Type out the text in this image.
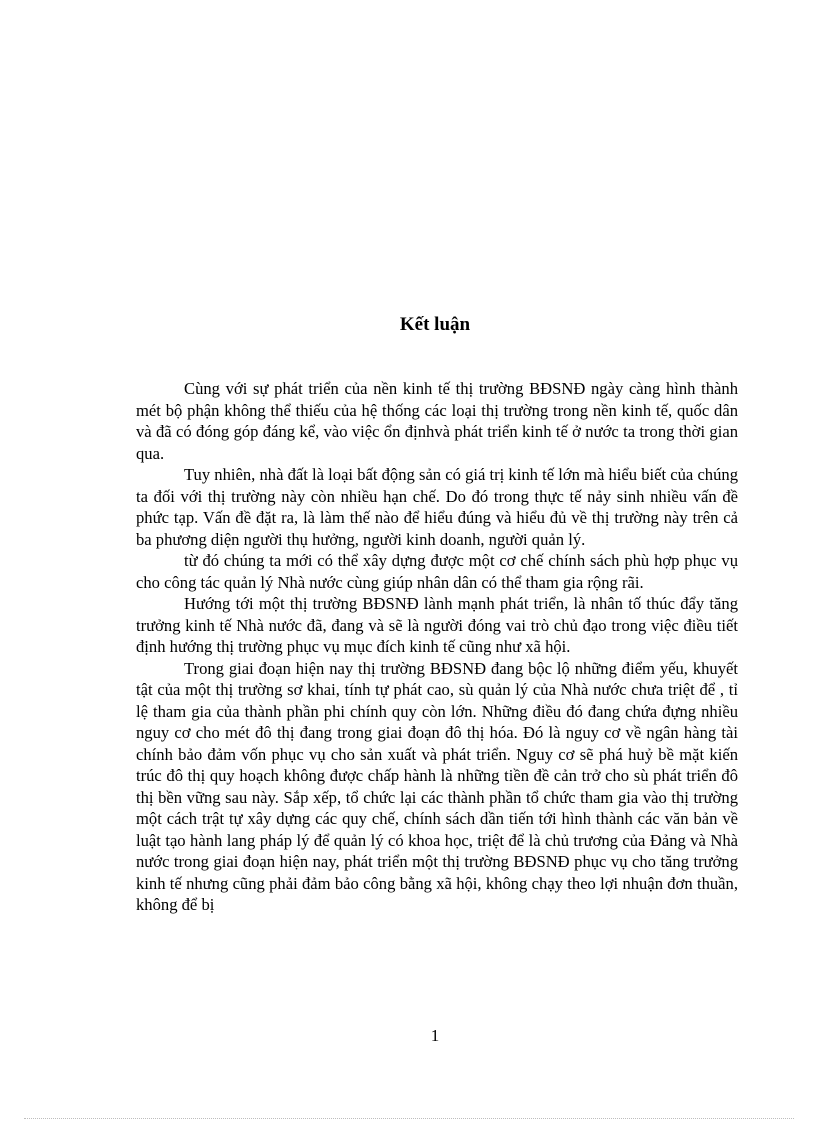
Kết luận

Cùng với sự phát triển của nền kinh tế thị trường BĐSNĐ ngày càng hình thành mét bộ phận không thể thiếu của hệ thống các loại thị trường trong nền kinh tế, quốc dân và đã có đóng góp đáng kể, vào việc ổn địnhvà phát triển kinh tế ở nước ta trong thời gian qua.

Tuy nhiên, nhà đất là loại bất động sản có giá trị kinh tế lớn mà hiểu biết của chúng ta đối với thị trường này còn nhiều hạn chế. Do đó trong thực tế nảy sinh nhiều vấn đề phức tạp. Vấn đề đặt ra, là làm thế nào để hiểu đúng và hiểu đủ về thị trường này trên cả ba phương diện người thụ hưởng, người kinh doanh, người quản lý.

từ đó chúng ta mới có thể xây dựng được một cơ chế chính sách phù hợp phục vụ cho công tác quản lý Nhà nước cùng giúp nhân dân có thể tham gia rộng rãi.

Hướng tới một thị trường BĐSNĐ lành mạnh phát triển, là nhân tố thúc đẩy tăng trưởng kinh tế Nhà nước đã, đang và sẽ là người đóng vai trò chủ đạo trong việc điều tiết định hướng thị trường phục vụ mục đích kinh tế cũng như xã hội.

Trong giai đoạn hiện nay thị trường BĐSNĐ đang bộc lộ những điểm yếu, khuyết tật của một thị trường sơ khai, tính tự phát cao, sù quản lý của Nhà nước chưa triệt để , tỉ lệ tham gia của thành phần phi chính quy còn lớn. Những điều đó đang chứa đựng nhiều nguy cơ cho mét đô thị đang trong giai đoạn đô thị hóa. Đó là nguy cơ về ngân hàng tài chính bảo đảm vốn phục vụ cho sản xuất và phát triển. Nguy cơ sẽ phá huỷ bề mặt kiến trúc đô thị quy hoạch không được chấp hành là những tiền đề cản trở cho sù phát triển đô thị bền vững sau này. Sắp xếp, tổ chức lại các thành phần tổ chức tham gia vào thị trường một cách trật tự xây dựng các quy chế, chính sách dần tiến tới hình thành các văn bản về luật tạo hành lang pháp lý để quản lý có khoa học, triệt để là chủ trương của Đảng và Nhà nước trong giai đoạn hiện nay, phát triển một thị trường BĐSNĐ phục vụ cho tăng trưởng kinh tế nhưng cũng phải đảm bảo công bằng xã hội, không chạy theo lợi nhuận đơn thuần, không để bị

1
